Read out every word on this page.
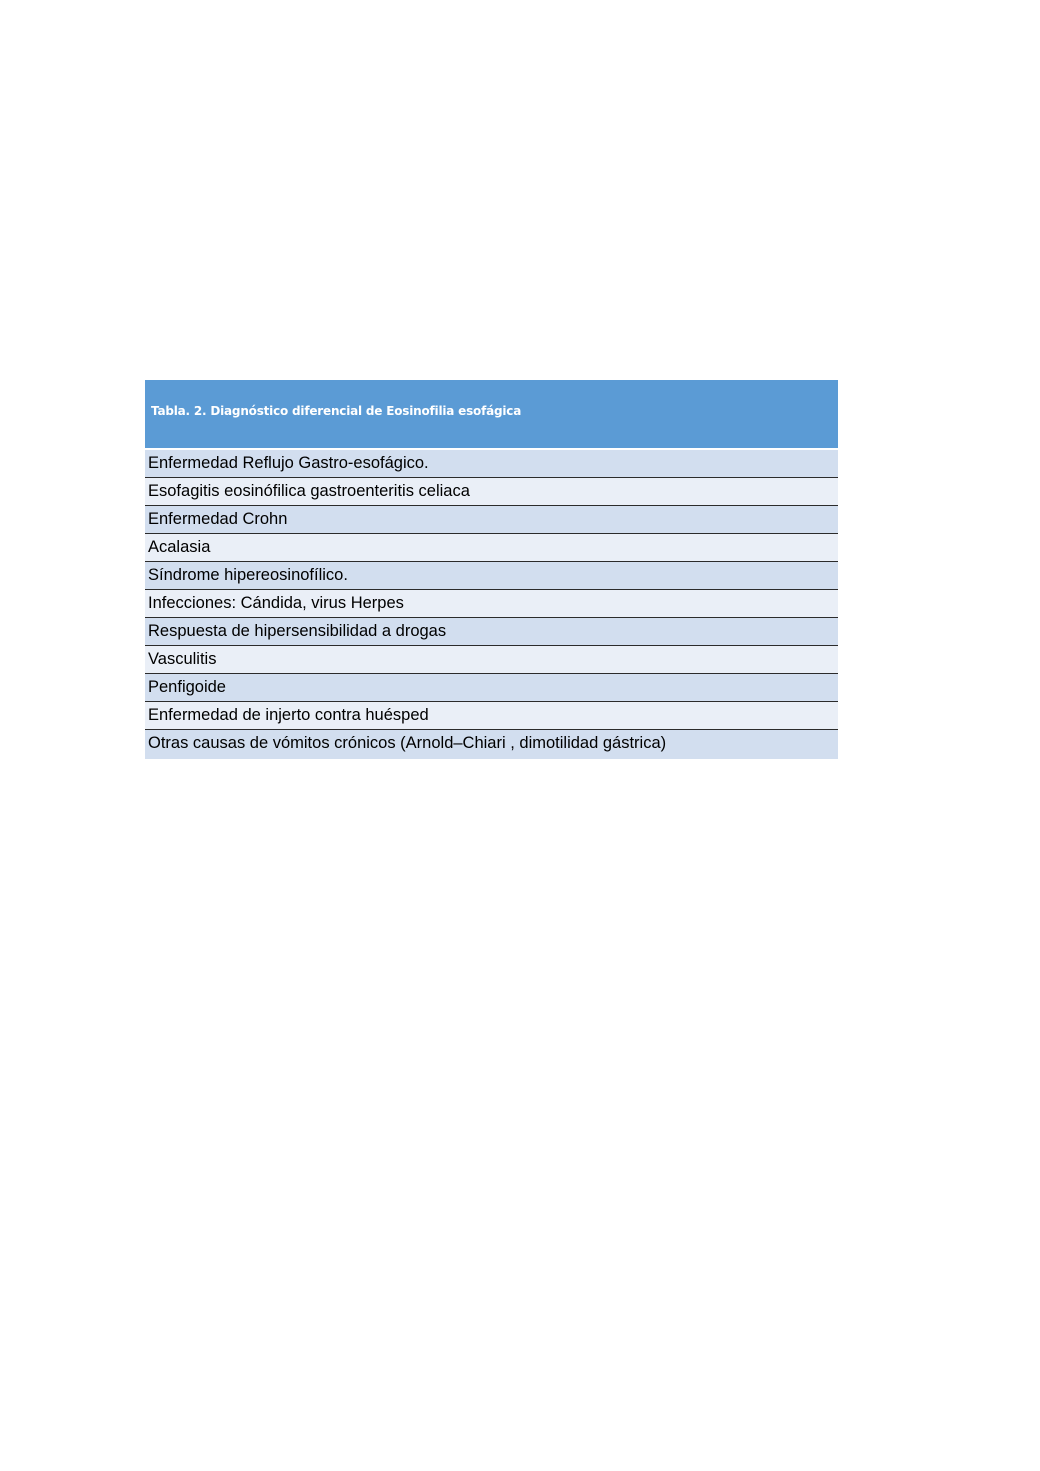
Tabla. 2. Diagnóstico diferencial de Eosinofilia esofágica
Enfermedad Reflujo Gastro-esofágico.
Esofagitis eosinófilica gastroenteritis celiaca
Enfermedad Crohn
Acalasia
Síndrome hipereosinofílico.
Infecciones: Cándida, virus Herpes
Respuesta de hipersensibilidad a drogas
Vasculitis
Penfigoide
Enfermedad de injerto contra huésped
Otras causas de vómitos crónicos (Arnold–Chiari , dimotilidad gástrica)
